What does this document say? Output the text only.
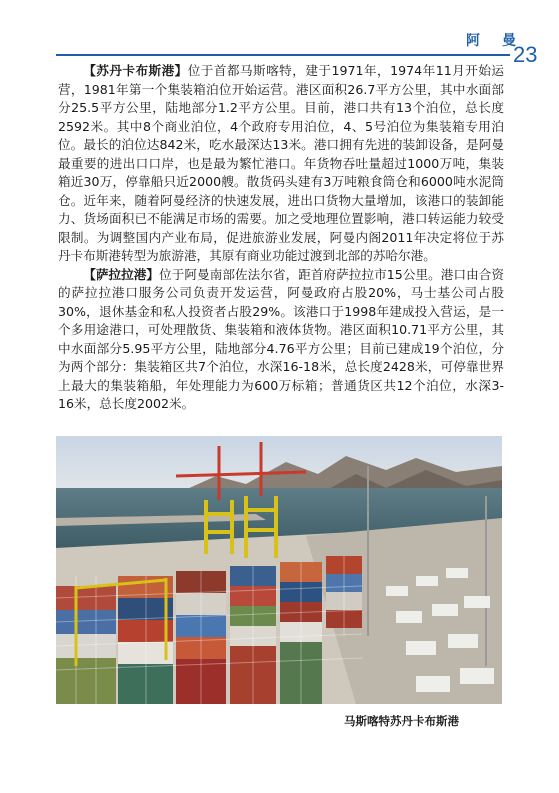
阿　曼
23

【苏丹卡布斯港】位于首都马斯喀特，建于1971年，1974年11月开始运营，1981年第一个集装箱泊位开始运营。港区面积26.7平方公里，其中水面部分25.5平方公里，陆地部分1.2平方公里。目前，港口共有13个泊位，总长度2592米。其中8个商业泊位，4个政府专用泊位，4、5号泊位为集装箱专用泊位。最长的泊位达842米，吃水最深达13米。港口拥有先进的装卸设备，是阿曼最重要的进出口口岸，也是最为繁忙港口。年货物吞吐量超过1000万吨，集装箱近30万，停靠船只近2000艘。散货码头建有3万吨粮食筒仓和6000吨水泥筒仓。近年来，随着阿曼经济的快速发展，进出口货物大量增加，该港口的装卸能力、货场面积已不能满足市场的需要。加之受地理位置影响，港口转运能力较受限制。为调整国内产业布局，促进旅游业发展，阿曼内阁2011年决定将位于苏丹卡布斯港转型为旅游港，其原有商业功能过渡到北部的苏哈尔港。

【萨拉拉港】位于阿曼南部佐法尔省，距首府萨拉拉市15公里。港口由合资的萨拉拉港口服务公司负责开发运营，阿曼政府占股20%，马士基公司占股30%，退休基金和私人投资者占股29%。该港口于1998年建成投入营运，是一个多用途港口，可处理散货、集装箱和液体货物。港区面积10.71平方公里，其中水面部分5.95平方公里，陆地部分4.76平方公里；目前已建成19个泊位，分为两个部分：集装箱区共7个泊位，水深16-18米，总长度2428米，可停靠世界上最大的集装箱船，年处理能力为600万标箱；普通货区共12个泊位，水深3-16米，总长度2002米。

马斯喀特苏丹卡布斯港
